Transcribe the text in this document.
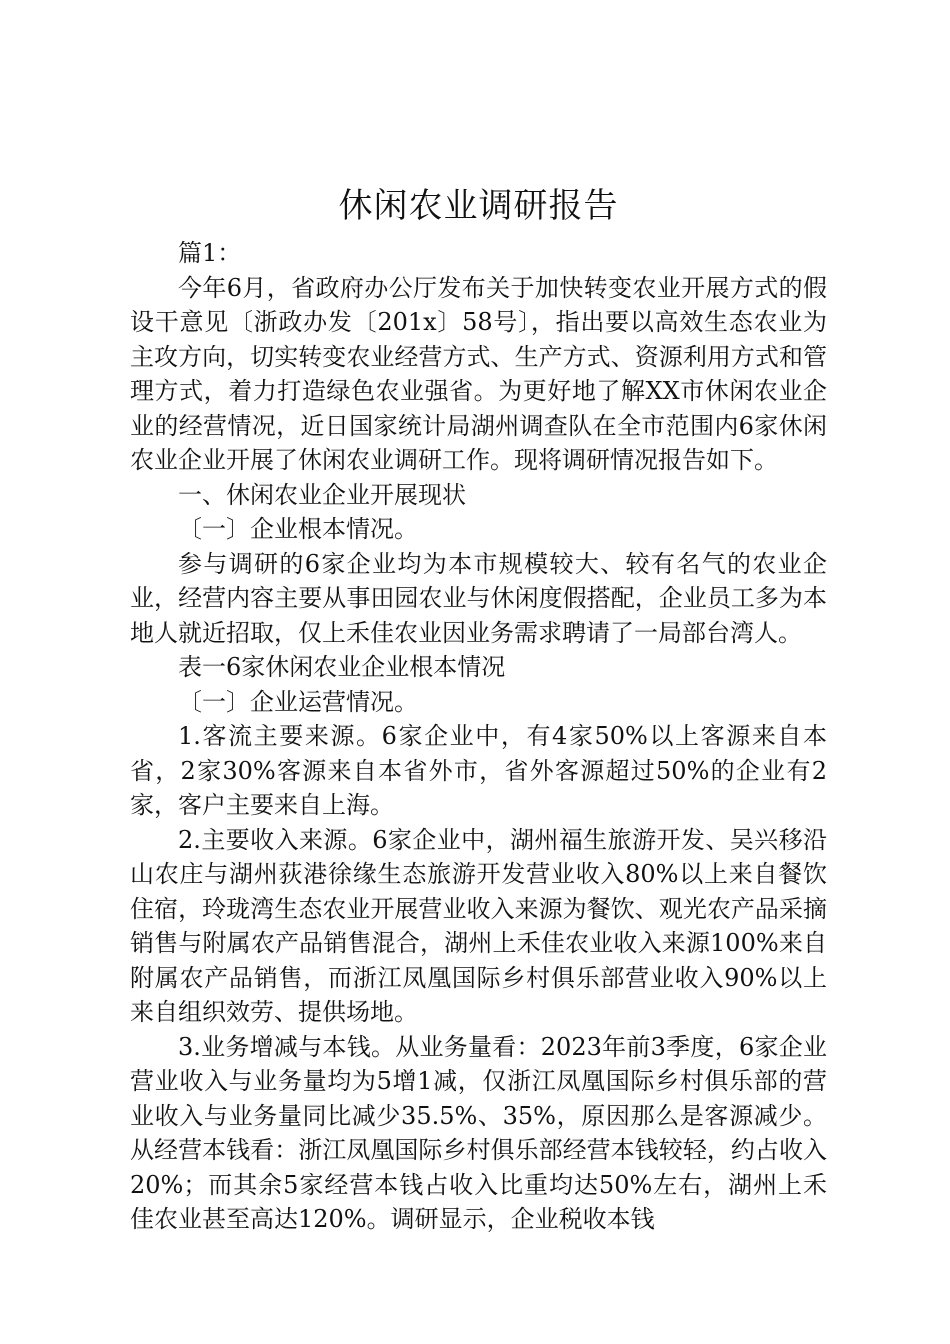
休闲农业调研报告

篇1：

今年6月，省政府办公厅发布关于加快转变农业开展方式的假设干意见〔浙政办发〔201x〕58号〕，指出要以高效生态农业为主攻方向，切实转变农业经营方式、生产方式、资源利用方式和管理方式，着力打造绿色农业强省。为更好地了解XX市休闲农业企业的经营情况，近日国家统计局湖州调查队在全市范围内6家休闲农业企业开展了休闲农业调研工作。现将调研情况报告如下。

一、休闲农业企业开展现状

〔一〕企业根本情况。

参与调研的6家企业均为本市规模较大、较有名气的农业企业，经营内容主要从事田园农业与休闲度假搭配，企业员工多为本地人就近招取，仅上禾佳农业因业务需求聘请了一局部台湾人。

表一6家休闲农业企业根本情况

〔一〕企业运营情况。

1.客流主要来源。6家企业中，有4家50%以上客源来自本省，2家30%客源来自本省外市，省外客源超过50%的企业有2家，客户主要来自上海。

2.主要收入来源。6家企业中，湖州福生旅游开发、吴兴移沿山农庄与湖州荻港徐缘生态旅游开发营业收入80%以上来自餐饮住宿，玲珑湾生态农业开展营业收入来源为餐饮、观光农产品采摘销售与附属农产品销售混合，湖州上禾佳农业收入来源100%来自附属农产品销售，而浙江凤凰国际乡村俱乐部营业收入90%以上来自组织效劳、提供场地。

3.业务增减与本钱。从业务量看：2023年前3季度，6家企业营业收入与业务量均为5增1减，仅浙江凤凰国际乡村俱乐部的营业收入与业务量同比减少35.5%、35%，原因那么是客源减少。从经营本钱看：浙江凤凰国际乡村俱乐部经营本钱较轻，约占收入20%；而其余5家经营本钱占收入比重均达50%左右，湖州上禾佳农业甚至高达120%。调研显示，企业税收本钱
